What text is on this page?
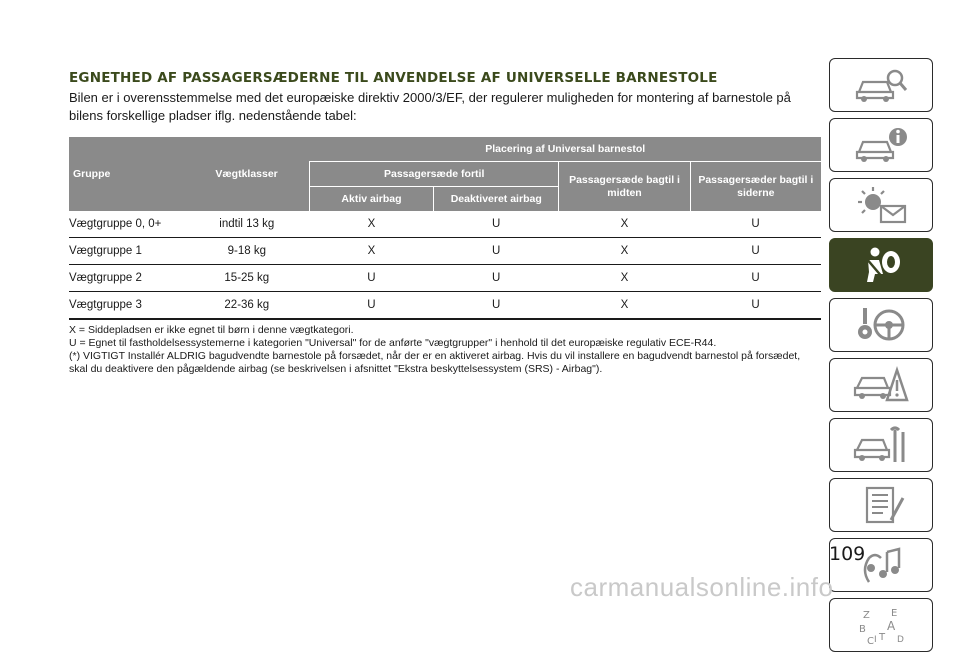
EGNETHED AF PASSAGERSÆDERNE TIL ANVENDELSE AF UNIVERSELLE BARNESTOLE

Bilen er i overensstemmelse med det europæiske direktiv 2000/3/EF, der regulerer muligheden for montering af barnestole på bilens forskellige pladser iflg. nedenstående tabel:

Gruppe	Vægtklasser	Placering af Universal barnestol			
		Passagersæde fortil		Passagersæde bagtil i midten	Passagersæder bagtil i siderne
		Aktiv airbag	Deaktiveret airbag		
Vægtgruppe 0, 0+	indtil 13 kg	X	U	X	U
Vægtgruppe 1	9-18 kg	X	U	X	U
Vægtgruppe 2	15-25 kg	U	U	X	U
Vægtgruppe 3	22-36 kg	U	U	X	U

X = Siddepladsen er ikke egnet til børn i denne vægtkategori.

U = Egnet til fastholdelsessystemerne i kategorien "Universal" for de anførte "vægtgrupper" i henhold til det europæiske regulativ ECE-R44.

(*) VIGTIGT Installér ALDRIG bagudvendte barnestole på forsædet, når der er en aktiveret airbag. Hvis du vil installere en bagudvendt barnestol på forsædet, skal du deaktivere den pågældende airbag (se beskrivelsen i afsnittet "Ekstra beskyttelsessystem (SRS) - Airbag").

Z E
B A
C T D
I
109
carmanualsonline.info
